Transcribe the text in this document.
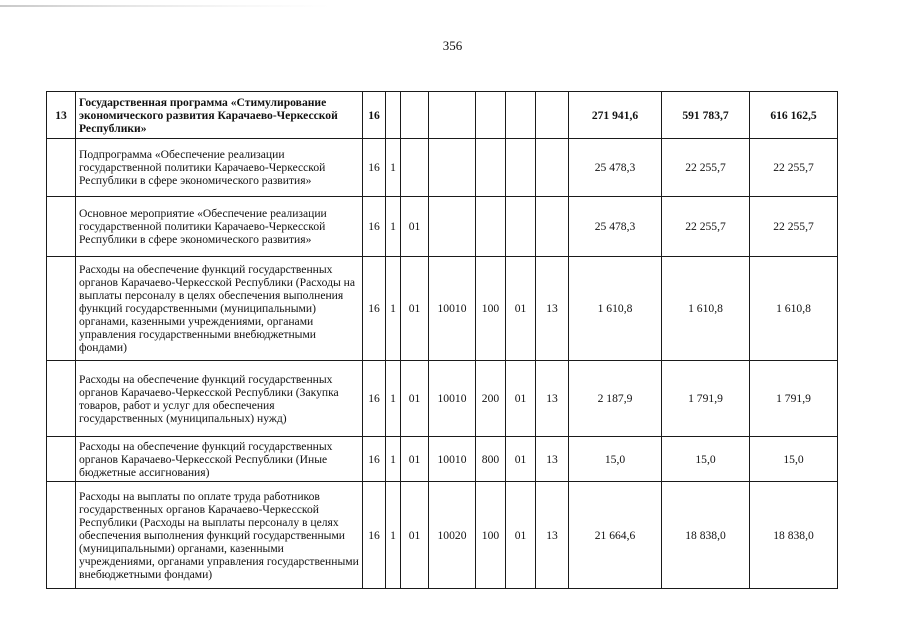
356
13	Государственная программа «Стимулирование экономического развития Карачаево-Черкесской Республики»	16							271 941,6	591 783,7	616 162,5
	Подпрограмма «Обеспечение реализации государственной политики Карачаево-Черкесской Республики в сфере экономического развития»	16	1						25 478,3	22 255,7	22 255,7
	Основное мероприятие «Обеспечение реализации государственной политики Карачаево-Черкесской Республики в сфере экономического развития»	16	1	01					25 478,3	22 255,7	22 255,7
	Расходы на обеспечение функций государственных органов Карачаево-Черкесской Республики (Расходы на выплаты персоналу в целях обеспечения выполнения функций государственными (муниципальными) органами, казенными учреждениями, органами управления государственными внебюджетными фондами)	16	1	01	10010	100	01	13	1 610,8	1 610,8	1 610,8
	Расходы на обеспечение функций государственных органов Карачаево-Черкесской Республики (Закупка товаров, работ и услуг для обеспечения государственных (муниципальных) нужд)	16	1	01	10010	200	01	13	2 187,9	1 791,9	1 791,9
	Расходы на обеспечение функций государственных органов Карачаево-Черкесской Республики (Иные бюджетные ассигнования)	16	1	01	10010	800	01	13	15,0	15,0	15,0
	Расходы на выплаты по оплате труда работников государственных органов Карачаево-Черкесской Республики (Расходы на выплаты персоналу в целях обеспечения выполнения функций государственными (муниципальными) органами, казенными учреждениями, органами управления государственными внебюджетными фондами)	16	1	01	10020	100	01	13	21 664,6	18 838,0	18 838,0
